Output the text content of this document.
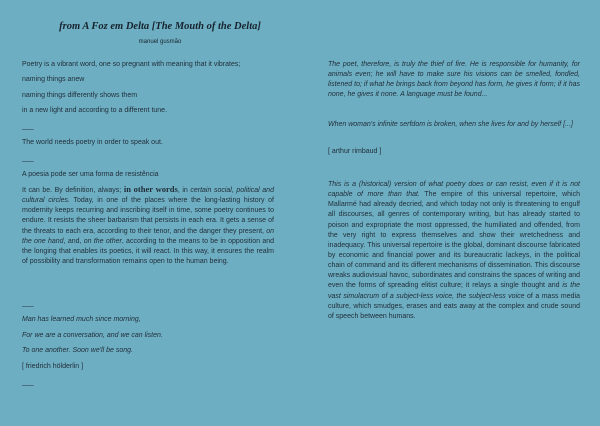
from A Foz em Delta [The Mouth of the Delta]
manuel gusmão

Poetry is a vibrant word, one so pregnant with meaning that it vibrates;

naming things anew

naming things differently shows them

in a new light and according to a different tune.

___

The world needs poetry in order to speak out.

___

A poesia pode ser uma forma de resistência

It can be. By definition, always; in other words, in certain social, political and cultural circles. Today, in one of the places where the long-lasting history of modernity keeps recurring and inscribing itself in time, some poetry continues to endure. It resists the sheer barbarism that persists in each era. It gets a sense of the threats to each era, according to their tenor, and the danger they present, on the one hand, and, on the other, according to the means to be in opposition and the longing that enables its poetics, it will react. In this way, it ensures the realm of possibility and transformation remains open to the human being.

___

Man has learned much since morning,

For we are a conversation, and we can listen.

To one another. Soon we'll be song.

[ friedrich hölderlin ]

___

The poet, therefore, is truly the thief of fire. He is responsible for humanity, for animals even; he will have to make sure his visions can be smelled, fondled, listened to; if what he brings back from beyond has form, he gives it form; if it has none, he gives it none. A language must be found...

When woman's infinite serfdom is broken, when she lives for and by herself [...]

[ arthur rimbaud ]

This is a (historical) version of what poetry does or can resist, even if it is not capable of more than that. The empire of this universal repertoire, which Mallarmé had already decried, and which today not only is threatening to engulf all discourses, all genres of contemporary writing, but has already started to poison and expropriate the most oppressed, the humiliated and offended, from the very right to express themselves and show their wretchedness and inadequacy. This universal repertoire is the global, dominant discourse fabricated by economic and financial power and its bureaucratic lackeys, in the political chain of command and its different mechanisms of dissemination. This discourse wreaks audiovisual havoc, subordinates and constrains the spaces of writing and even the forms of spreading elitist culture; it relays a single thought and is the vast simulacrum of a subject-less voice, the subject-less voice of a mass media culture, which smudges, erases and eats away at the complex and crude sound of speech between humans.
